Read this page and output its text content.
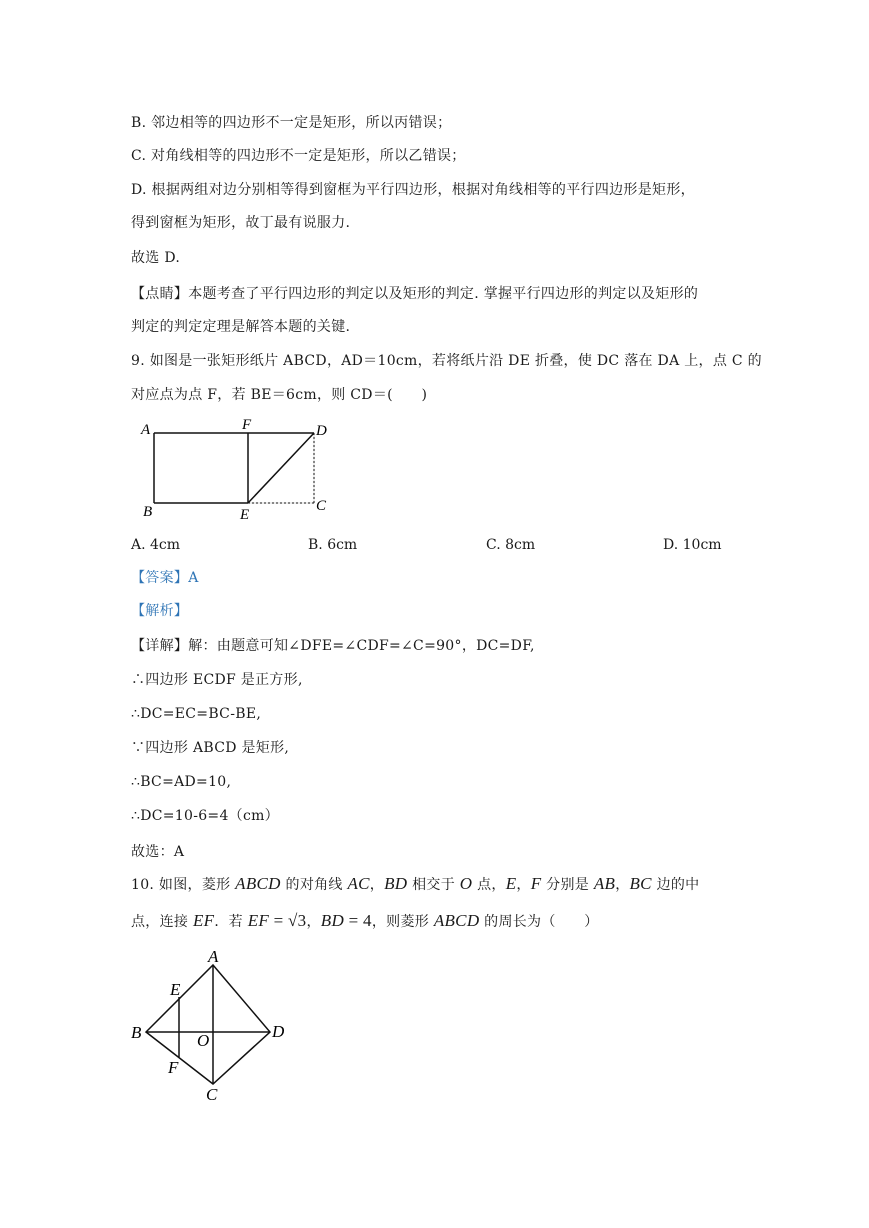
B. 邻边相等的四边形不一定是矩形，所以丙错误；
C. 对角线相等的四边形不一定是矩形，所以乙错误；
D. 根据两组对边分别相等得到窗框为平行四边形，根据对角线相等的平行四边形是矩形，
得到窗框为矩形，故丁最有说服力.
故选 D.
【点睛】本题考查了平行四边形的判定以及矩形的判定. 掌握平行四边形的判定以及矩形的
判定的判定定理是解答本题的关键.
9. 如图是一张矩形纸片 ABCD，AD＝10cm，若将纸片沿 DE 折叠，使 DC 落在 DA 上，点 C 的
对应点为点 F，若 BE＝6cm，则 CD＝(　　)
A	F	D
B	E
C
A. 4cm	B. 6cm	C. 8cm	D. 10cm
【答案】A
【解析】
【详解】解：由题意可知∠DFE=∠CDF=∠C=90°，DC=DF,
∴四边形 ECDF 是正方形,
∴DC=EC=BC-BE,
∵四边形 ABCD 是矩形,
∴BC=AD=10,
∴DC=10-6=4（cm）
故选：A
10. 如图，菱形 ABCD 的对角线 AC，BD 相交于 O 点，E，F 分别是 AB，BC 边的中
点，连接 EF．若 EF = √3，BD = 4，则菱形 ABCD 的周长为（　　）
A
E
B	O	D
F
C
